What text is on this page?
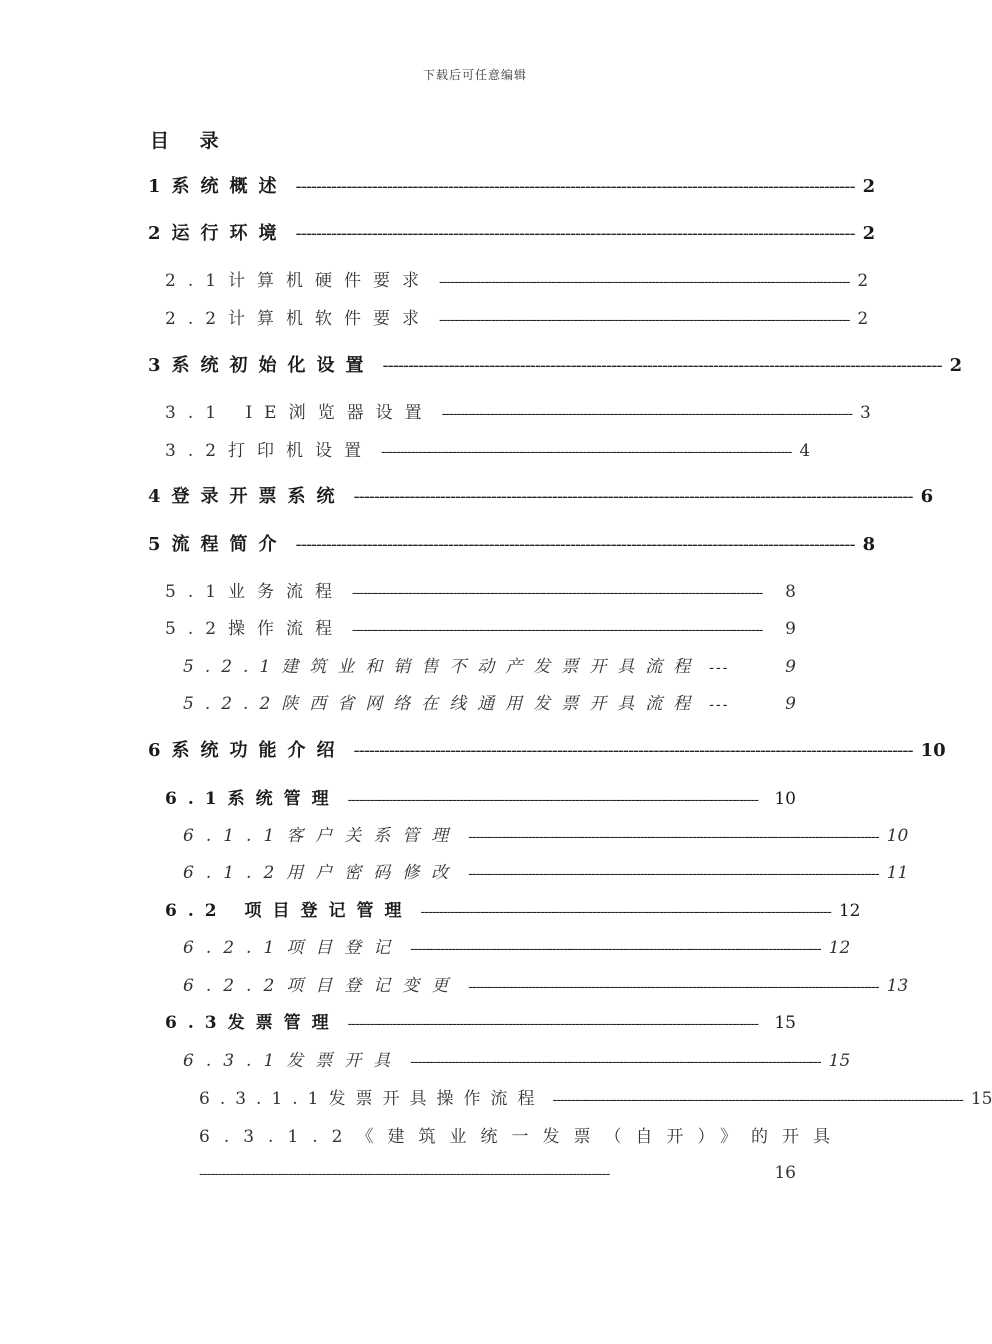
下载后可任意编辑
目 录
1系统概述 -------------------------------------------------------------------------------------------------------------- 2
2运行环境 -------------------------------------------------------------------------------------------------------------- 2
2.1计算机硬件要求 -------------------------------------------------------------------------------------------------------------- 2
2.2计算机软件要求 -------------------------------------------------------------------------------------------------------------- 2
3系统初始化设置 -------------------------------------------------------------------------------------------------------------- 2
3.1 IE浏览器设置 -------------------------------------------------------------------------------------------------------------- 3
3.2打印机设置 -------------------------------------------------------------------------------------------------------------- 4
4登录开票系统 -------------------------------------------------------------------------------------------------------------- 6
5流程简介 -------------------------------------------------------------------------------------------------------------- 8
5.1业务流程 --------------------------------------------------------------------------------------------------------------	8
5.2操作流程 --------------------------------------------------------------------------------------------------------------	9
5.2.1建筑业和销售不动产发票开具流程 ---	9
5.2.2陕西省网络在线通用发票开具流程 ---	9
6系统功能介绍 -------------------------------------------------------------------------------------------------------------- 10
6.1系统管理 -------------------------------------------------------------------------------------------------------------- 10
6.1.1客户关系管理 -------------------------------------------------------------------------------------------------------------- 10
6.1.2用户密码修改 -------------------------------------------------------------------------------------------------------------- 11
6.2 项目登记管理 -------------------------------------------------------------------------------------------------------------- 12
6.2.1项目登记 -------------------------------------------------------------------------------------------------------------- 12
6.2.2项目登记变更 -------------------------------------------------------------------------------------------------------------- 13
6.3发票管理 -------------------------------------------------------------------------------------------------------------- 15
6.3.1发票开具 -------------------------------------------------------------------------------------------------------------- 15
6.3.1.1发票开具操作流程 -------------------------------------------------------------------------------------------------------------- 15
6.3.1.2《建筑业统一发票（自开）》的开具
--------------------------------------------------------------------------------------------------------------	16
